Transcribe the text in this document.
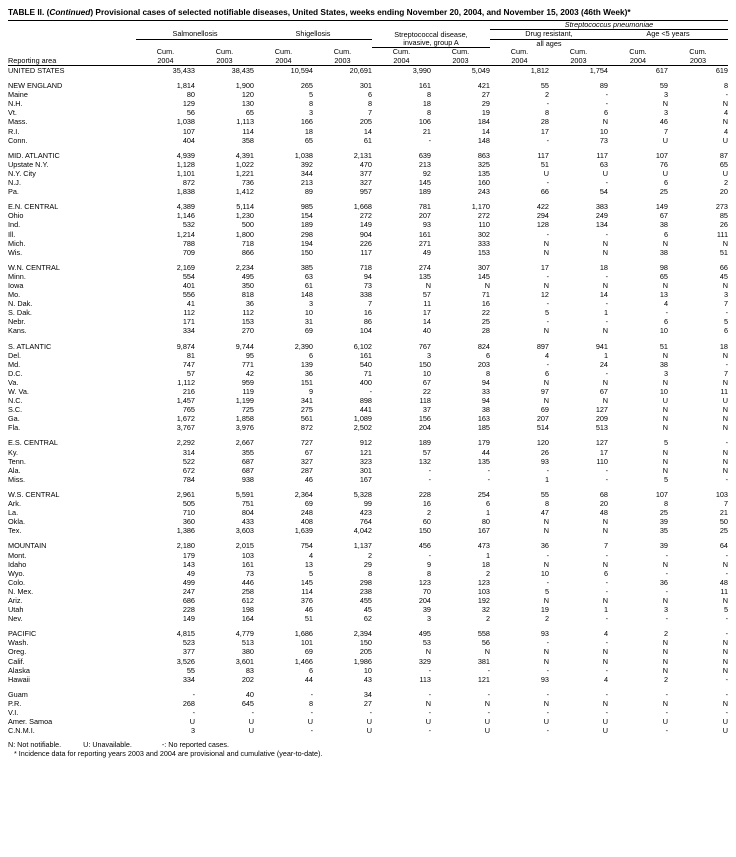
TABLE II. (Continued) Provisional cases of selected notifiable diseases, United States, weeks ending November 20, 2004, and November 15, 2003 (46th Week)*
							Streptococcus pneumoniae			
	Salmonellosis		Shigellosis		Streptococcal disease,		Drug resistant,		Age <5 years	
					invasive, group A		all ages			
	Cum.	Cum.	Cum.	Cum.	Cum.	Cum.	Cum.	Cum.	Cum.	Cum.
Reporting area	2004	2003	2004	2003	2004	2003	2004	2003	2004	2003
UNITED STATES	35,433	38,435	10,594	20,691	3,990	5,049	1,812	1,754	617	619

NEW ENGLAND	1,814	1,900	265	301	161	421	55	89	59	8
Maine	80	120	5	6	8	27	2	-	3	-
N.H.	129	130	8	8	18	29	-	-	N	N
Vt.	56	65	3	7	8	19	8	6	3	4
Mass.	1,038	1,113	166	205	106	184	28	N	46	N
R.I.	107	114	18	14	21	14	17	10	7	4
Conn.	404	358	65	61	-	148	-	73	U	U

MID. ATLANTIC	4,939	4,391	1,038	2,131	639	863	117	117	107	87
Upstate N.Y.	1,128	1,022	392	470	213	325	51	63	76	65
N.Y. City	1,101	1,221	344	377	92	135	U	U	U	U
N.J.	872	736	213	327	145	160	-	-	6	2
Pa.	1,838	1,412	89	957	189	243	66	54	25	20

E.N. CENTRAL	4,389	5,114	985	1,668	781	1,170	422	383	149	273
Ohio	1,146	1,230	154	272	207	272	294	249	67	85
Ind.	532	500	189	149	93	110	128	134	38	26
Ill.	1,214	1,800	298	904	161	302	-	-	6	111
Mich.	788	718	194	226	271	333	N	N	N	N
Wis.	709	866	150	117	49	153	N	N	38	51

W.N. CENTRAL	2,169	2,234	385	718	274	307	17	18	98	66
Minn.	554	495	63	94	135	145	-	-	65	45
Iowa	401	350	61	73	N	N	N	N	N	N
Mo.	556	818	148	338	57	71	12	14	13	3
N. Dak.	41	36	3	7	11	16	-	-	4	7
S. Dak.	112	112	10	16	17	22	5	1	-	-
Nebr.	171	153	31	86	14	25	-	-	6	5
Kans.	334	270	69	104	40	28	N	N	10	6

S. ATLANTIC	9,874	9,744	2,390	6,102	767	824	897	941	51	18
Del.	81	95	6	161	3	6	4	1	N	N
Md.	747	771	139	540	150	203	-	24	38	-
D.C.	57	42	36	71	10	8	6	-	3	7
Va.	1,112	959	151	400	67	94	N	N	N	N
W. Va.	216	119	9	-	22	33	97	67	10	11
N.C.	1,457	1,199	341	898	118	94	N	N	U	U
S.C.	765	725	275	441	37	38	69	127	N	N
Ga.	1,672	1,858	561	1,089	156	163	207	209	N	N
Fla.	3,767	3,976	872	2,502	204	185	514	513	N	N

E.S. CENTRAL	2,292	2,667	727	912	189	179	120	127	5	-
Ky.	314	355	67	121	57	44	26	17	N	N
Tenn.	522	687	327	323	132	135	93	110	N	N
Ala.	672	687	287	301	-	-	-	-	N	N
Miss.	784	938	46	167	-	-	1	-	5	-

W.S. CENTRAL	2,961	5,591	2,364	5,328	228	254	55	68	107	103
Ark.	505	751	69	99	16	6	8	20	8	7
La.	710	804	248	423	2	1	47	48	25	21
Okla.	360	433	408	764	60	80	N	N	39	50
Tex.	1,386	3,603	1,639	4,042	150	167	N	N	35	25

MOUNTAIN	2,180	2,015	754	1,137	456	473	36	7	39	64
Mont.	179	103	4	2	-	1	-	-	-	-
Idaho	143	161	13	29	9	18	N	N	N	N
Wyo.	49	73	5	8	8	2	10	6	-	-
Colo.	499	446	145	298	123	123	-	-	36	48
N. Mex.	247	258	114	238	70	103	5	-	-	11
Ariz.	686	612	376	455	204	192	N	N	N	N
Utah	228	198	46	45	39	32	19	1	3	5
Nev.	149	164	51	62	3	2	2	-	-	-

PACIFIC	4,815	4,779	1,686	2,394	495	558	93	4	2	-
Wash.	523	513	101	150	53	56	-	-	N	N
Oreg.	377	380	69	205	N	N	N	N	N	N
Calif.	3,526	3,601	1,466	1,986	329	381	N	N	N	N
Alaska	55	83	6	10	-	-	-	-	N	N
Hawaii	334	202	44	43	113	121	93	4	2	-

Guam	-	40	-	34	-	-	-	-	-	-
P.R.	268	645	8	27	N	N	N	N	N	N
V.I.	-	-	-	-	-	-	-	-	-	-
Amer. Samoa	U	U	U	U	U	U	U	U	U	U
C.N.M.I.	3	U	-	U	-	U	-	U	-	U
N: Not notifiable.	U: Unavailable.	-: No reported cases.
* Incidence data for reporting years 2003 and 2004 are provisional and cumulative (year-to-date).
